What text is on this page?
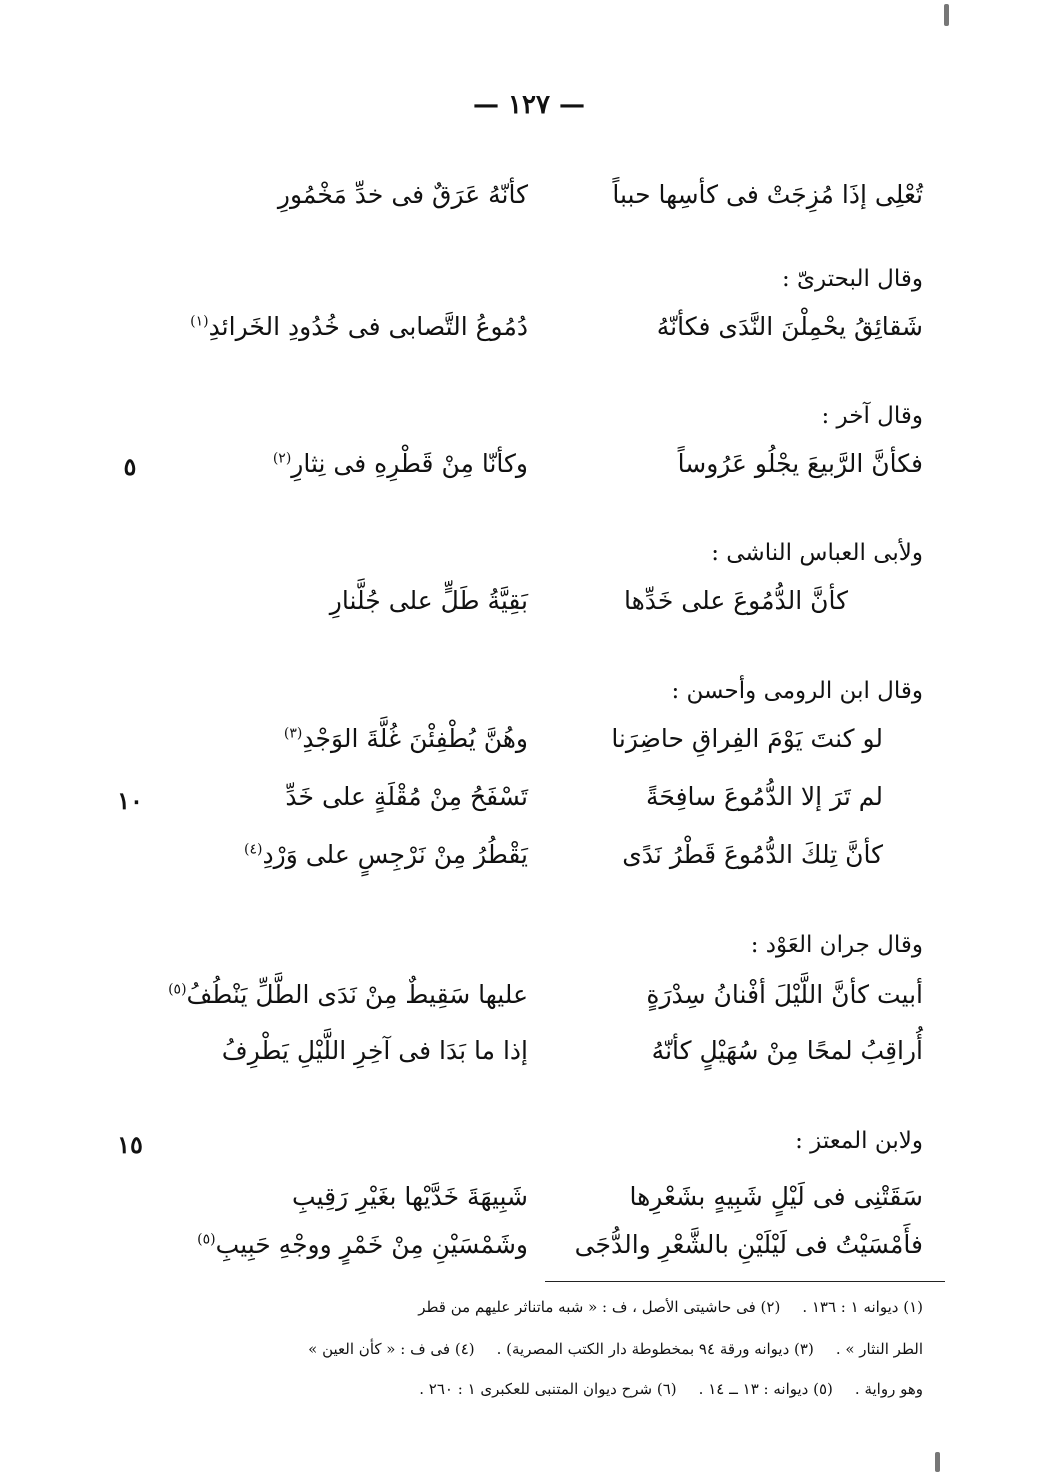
— ١٢٧ —
تُعْلِى إذَا مُزِجَتْ فى كأسِها حبباً
كأنّهُ عَرَقٌ فى خدِّ مَخْمُورِ
وقال البحترىّ :
شَقائِقُ يحْمِلْنَ النَّدَى فكأنّهُ
دُمُوعُ التَّصابى فى خُدُودِ الخَرائدِ$^{(١)}$
وقال آخر :
فكأنَّ الرَّبيعَ يجْلُو عَرُوساً
وكأنّا مِنْ قَطْرِهِ فى نِثارِ$^{(٢)}$
٥
ولأبى العباس الناشى :
كأنَّ الدُّمُوعَ على خَدِّها
بَقِيَّةُ طَلٍّ على جُلَّنارِ
وقال ابن الرومى وأحسن :
لو كنتَ يَوْمَ الفِراقِ حاضِرَنا
وهُنَّ يُطْفِئْنَ غُلَّةَ الوَجْدِ$^{(٣)}$
لم تَرَ إلا الدُّمُوعَ سافِحَةً
تَسْفَحُ مِنْ مُقْلَةٍ على خَدِّ
١٠
كأنَّ تِلكَ الدُّمُوعَ قَطْرُ نَدًى
يَقْطُرُ مِنْ نَرْجِسٍ على وَرْدِ$^{(٤)}$
وقال جران العَوْد :
أبيت كأنَّ اللَّيْلَ أفْنانُ سِدْرَةٍ
عليها سَقِيطٌ مِنْ نَدَى الطَّلِّ يَنْطُفُ$^{(٥)}$
أُراقِبُ لمحًا مِنْ سُهَيْلٍ كأنّهُ
إذا ما بَدَا فى آخِرِ اللَّيْلِ يَطْرِفُ
ولابن المعتز :
١٥
سَقَتْنِى فى لَيْلٍ شَبِيهٍ بشَعْرِها
شَبِيهَةَ خَدَّيْها بغَيْرِ رَقِيبِ
فأَمْسَيْتُ فى لَيْلَيْنِ بالشَّعْرِ والدُّجَى
وشَمْسَيْنِ مِنْ خَمْرٍ ووجْهِ حَبِيبِ$^{(٥)}$
(١) ديوانه ١ : ١٣٦ .(٢) فى حاشيتى الأصل ، ف : « شبه ماتناثر عليهم من قطر
الطر النثار » .(٣) ديوانه ورقة ٩٤ بمخطوطة دار الكتب المصرية) .(٤) فى ف : « كأن العين »
وهو رواية .(٥) ديوانه : ١٣ ــ ١٤ .(٦) شرح ديوان المتنبى للعكبرى ١ : ٢٦٠ .
